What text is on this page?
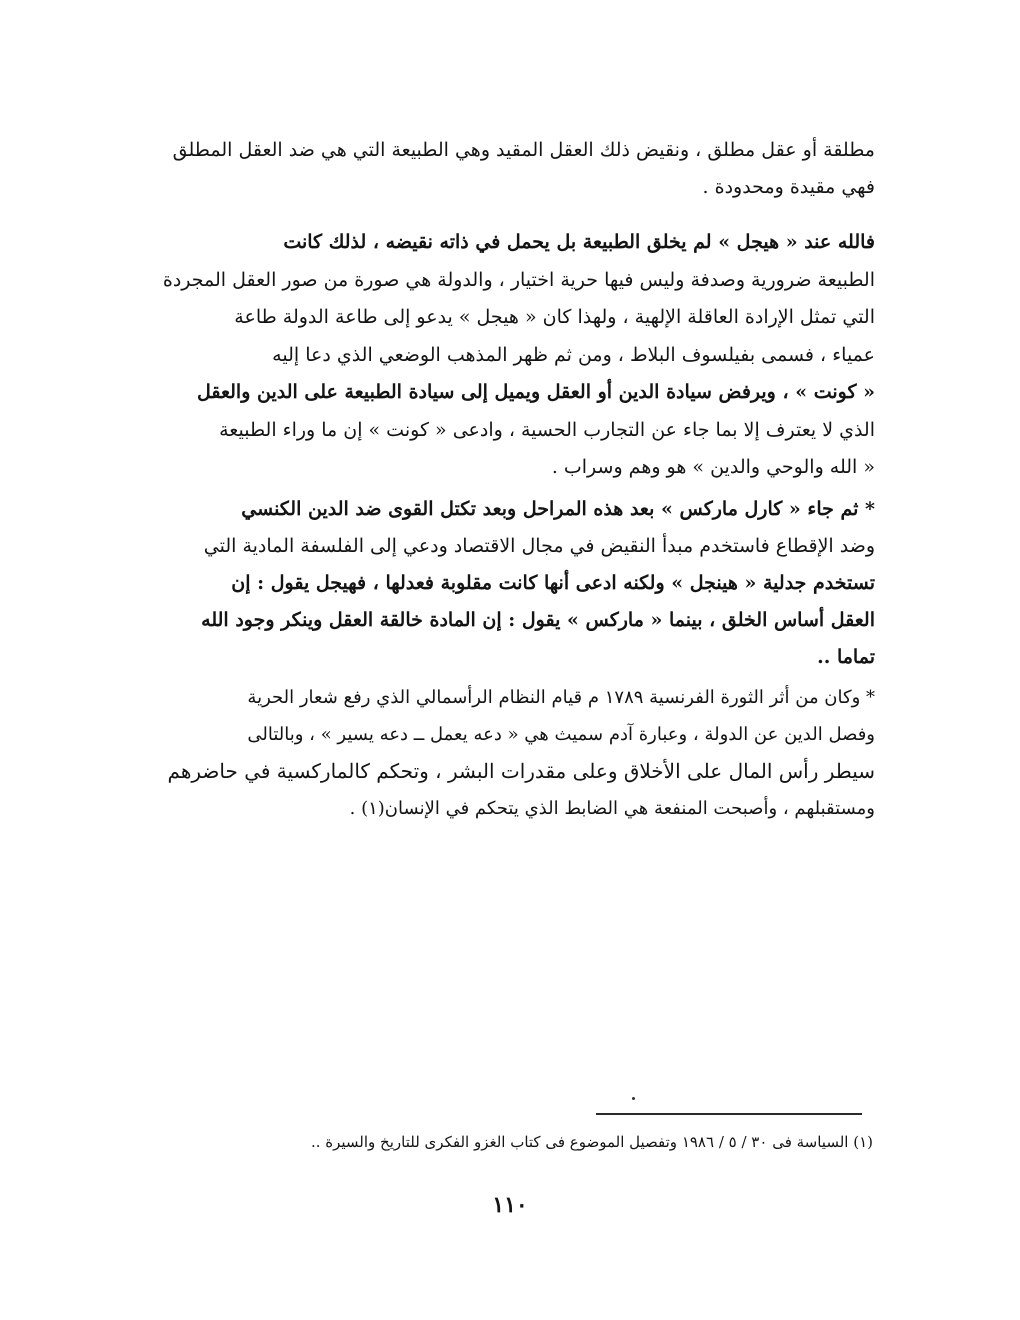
مطلقة أو عقل مطلق ، ونقيض ذلك العقل المقيد وهي الطبيعة التي هي ضد العقل المطلق
فهي مقيدة ومحدودة .
فالله عند « هيجل » لم يخلق الطبيعة بل يحمل في ذاته نقيضه ، لذلك كانت
الطبيعة ضرورية وصدفة وليس فيها حرية اختيار ، والدولة هي صورة من صور العقل المجردة
التي تمثل الإرادة العاقلة الإلهية ، ولهذا كان « هيجل » يدعو إلى طاعة الدولة طاعة
عمياء ، فسمى بفيلسوف البلاط ، ومن ثم ظهر المذهب الوضعي الذي دعا إليه
« كونت » ، ويرفض سيادة الدين أو العقل ويميل إلى سيادة الطبيعة على الدين والعقل
الذي لا يعترف إلا بما جاء عن التجارب الحسية ، وادعى « كونت » إن ما وراء الطبيعة
« الله والوحي والدين » هو وهم وسراب .
* ثم جاء « كارل ماركس » بعد هذه المراحل وبعد تكتل القوى ضد الدين الكنسي
وضد الإقطاع فاستخدم مبدأ النقيض في مجال الاقتصاد ودعي إلى الفلسفة المادية التي
تستخدم جدلية « هينجل » ولكنه ادعى أنها كانت مقلوبة فعدلها ، فهيجل يقول : إن
العقل أساس الخلق ، بينما « ماركس » يقول : إن المادة خالقة العقل وينكر وجود الله
تماما ..
* وكان من أثر الثورة الفرنسية ١٧٨٩ م قيام النظام الرأسمالي الذي رفع شعار الحرية
وفصل الدين عن الدولة ، وعبارة آدم سميث هي « دعه يعمل ــ دعه يسير » ، وبالتالى
سيطر رأس المال على الأخلاق وعلى مقدرات البشر ، وتحكم كالماركسية في حاضرهم
ومستقبلهم ، وأصبحت المنفعة هي الضابط الذي يتحكم في الإنسان(١) .
(١) السياسة فى ٣٠ / ٥ / ١٩٨٦ وتفصيل الموضوع فى كتاب الغزو الفكرى للتاريخ والسيرة ..
١١٠
